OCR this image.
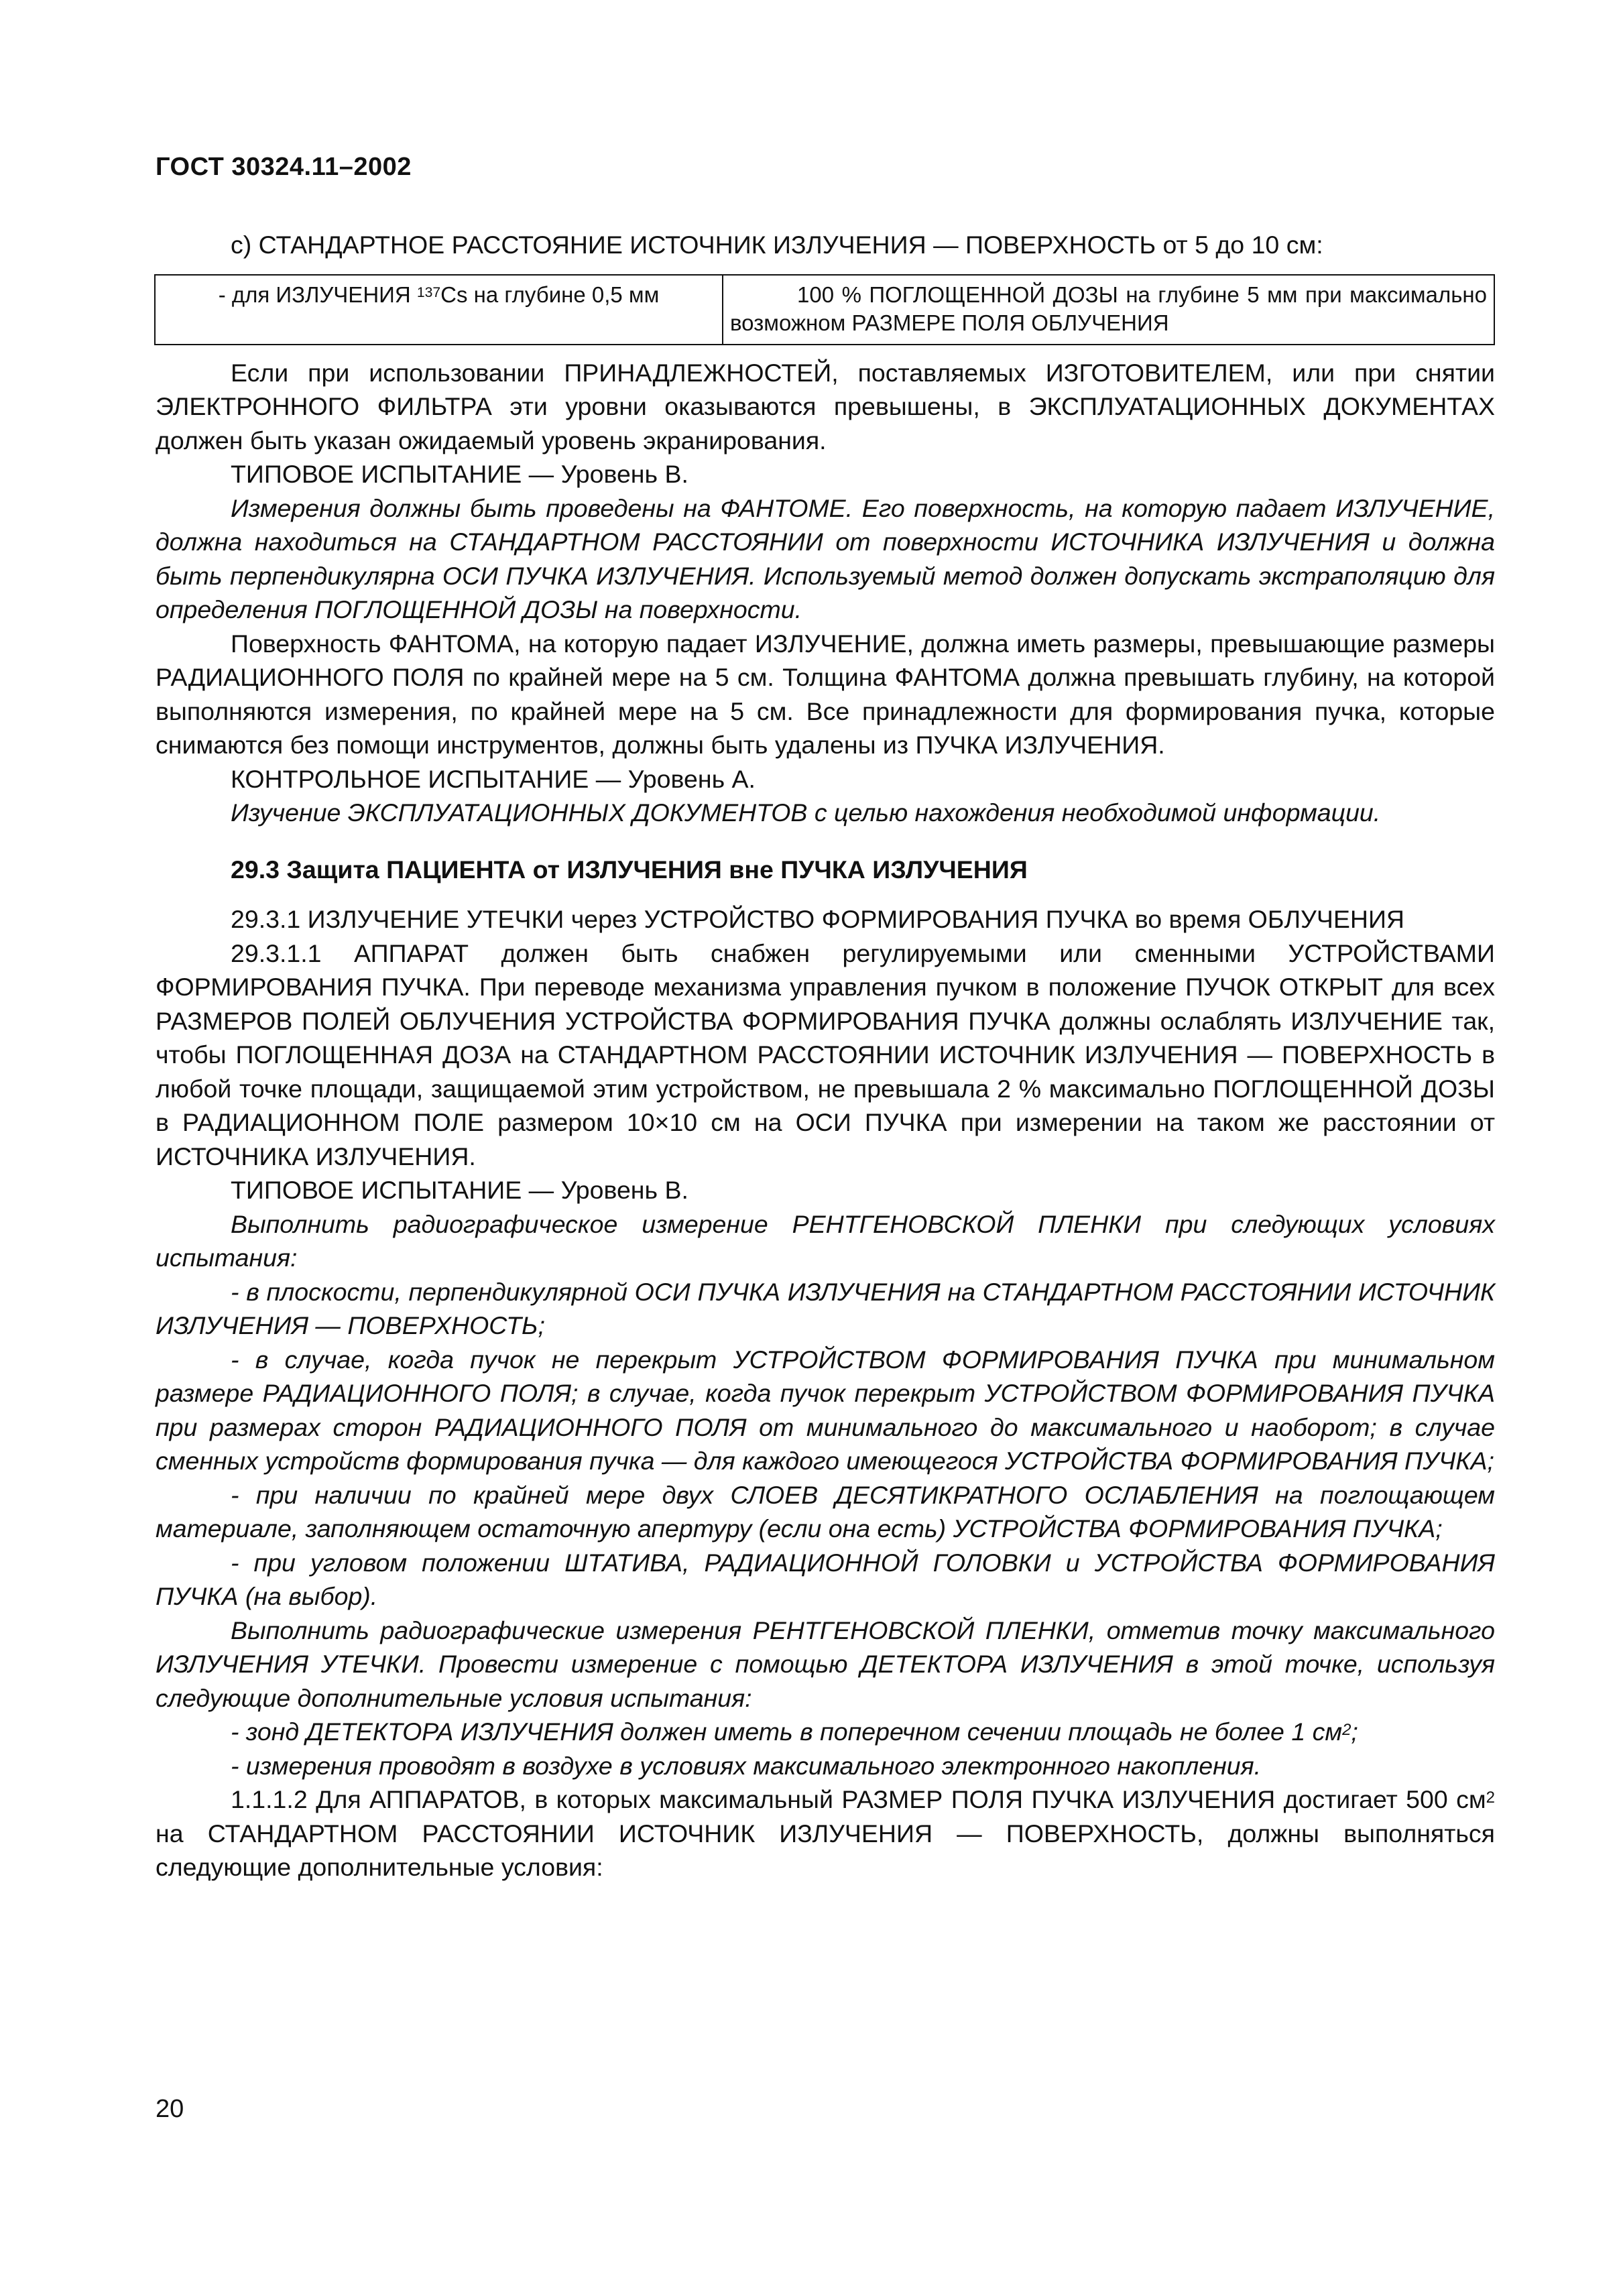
ГОСТ 30324.11–2002

с) СТАНДАРТНОЕ РАССТОЯНИЕ ИСТОЧНИК ИЗЛУЧЕНИЯ — ПОВЕРХНОСТЬ от 5 до 10 см:

- для ИЗЛУЧЕНИЯ $^{137}$Cs на глубине 0,5 мм	100 % ПОГЛОЩЕННОЙ ДОЗЫ на глубине 5 мм при максимально возможном РАЗМЕРЕ ПОЛЯ ОБЛУЧЕНИЯ

Если при использовании ПРИНАДЛЕЖНОСТЕЙ, поставляемых ИЗГОТОВИТЕЛЕМ, или при снятии ЭЛЕКТРОННОГО ФИЛЬТРА эти уровни оказываются превышены, в ЭКСПЛУАТАЦИОННЫХ ДОКУМЕНТАХ должен быть указан ожидаемый уровень экранирования.

ТИПОВОЕ ИСПЫТАНИЕ — Уровень В.

Измерения должны быть проведены на ФАНТОМЕ. Его поверхность, на которую падает ИЗЛУЧЕНИЕ, должна находиться на СТАНДАРТНОМ РАССТОЯНИИ от поверхности ИСТОЧНИКА ИЗЛУЧЕНИЯ и должна быть перпендикулярна ОСИ ПУЧКА ИЗЛУЧЕНИЯ. Используемый метод должен допускать экстраполяцию для определения ПОГЛОЩЕННОЙ ДОЗЫ на поверхности.

Поверхность ФАНТОМА, на которую падает ИЗЛУЧЕНИЕ, должна иметь размеры, превышающие размеры РАДИАЦИОННОГО ПОЛЯ по крайней мере на 5 см. Толщина ФАНТОМА должна превышать глубину, на которой выполняются измерения, по крайней мере на 5 см. Все принадлежности для формирования пучка, которые снимаются без помощи инструментов, должны быть удалены из ПУЧКА ИЗЛУЧЕНИЯ.

КОНТРОЛЬНОЕ ИСПЫТАНИЕ — Уровень А.

Изучение ЭКСПЛУАТАЦИОННЫХ ДОКУМЕНТОВ с целью нахождения необходимой информации.

29.3 Защита ПАЦИЕНТА от ИЗЛУЧЕНИЯ вне ПУЧКА ИЗЛУЧЕНИЯ

29.3.1 ИЗЛУЧЕНИЕ УТЕЧКИ через УСТРОЙСТВО ФОРМИРОВАНИЯ ПУЧКА во время ОБЛУЧЕНИЯ

29.3.1.1 АППАРАТ должен быть снабжен регулируемыми или сменными УСТРОЙСТВАМИ ФОРМИРОВАНИЯ ПУЧКА. При переводе механизма управления пучком в положение ПУЧОК ОТКРЫТ для всех РАЗМЕРОВ ПОЛЕЙ ОБЛУЧЕНИЯ УСТРОЙСТВА ФОРМИРОВАНИЯ ПУЧКА должны ослаблять ИЗЛУЧЕНИЕ так, чтобы ПОГЛОЩЕННАЯ ДОЗА на СТАНДАРТНОМ РАССТОЯНИИ ИСТОЧНИК ИЗЛУЧЕНИЯ — ПОВЕРХНОСТЬ в любой точке площади, защищаемой этим устройством, не превышала 2 % максимально ПОГЛОЩЕННОЙ ДОЗЫ в РАДИАЦИОННОМ ПОЛЕ размером 10×10 см на ОСИ ПУЧКА при измерении на таком же расстоянии от ИСТОЧНИКА ИЗЛУЧЕНИЯ.

ТИПОВОЕ ИСПЫТАНИЕ — Уровень В.

Выполнить радиографическое измерение РЕНТГЕНОВСКОЙ ПЛЕНКИ при следующих условиях испытания:

- в плоскости, перпендикулярной ОСИ ПУЧКА ИЗЛУЧЕНИЯ на СТАНДАРТНОМ РАССТОЯНИИ ИСТОЧНИК ИЗЛУЧЕНИЯ — ПОВЕРХНОСТЬ;

- в случае, когда пучок не перекрыт УСТРОЙСТВОМ ФОРМИРОВАНИЯ ПУЧКА при минимальном размере РАДИАЦИОННОГО ПОЛЯ; в случае, когда пучок перекрыт УСТРОЙСТВОМ ФОРМИРОВАНИЯ ПУЧКА при размерах сторон РАДИАЦИОННОГО ПОЛЯ от минимального до максимального и наоборот; в случае сменных устройств формирования пучка — для каждого имеющегося УСТРОЙСТВА ФОРМИРОВАНИЯ ПУЧКА;

- при наличии по крайней мере двух СЛОЕВ ДЕСЯТИКРАТНОГО ОСЛАБЛЕНИЯ на поглощающем материале, заполняющем остаточную апертуру (если она есть) УСТРОЙСТВА ФОРМИРОВАНИЯ ПУЧКА;

- при угловом положении ШТАТИВА, РАДИАЦИОННОЙ ГОЛОВКИ и УСТРОЙСТВА ФОРМИРОВАНИЯ ПУЧКА (на выбор).

Выполнить радиографические измерения РЕНТГЕНОВСКОЙ ПЛЕНКИ, отметив точку максимального ИЗЛУЧЕНИЯ УТЕЧКИ. Провести измерение с помощью ДЕТЕКТОРА ИЗЛУЧЕНИЯ в этой точке, используя следующие дополнительные условия испытания:

- зонд ДЕТЕКТОРА ИЗЛУЧЕНИЯ должен иметь в поперечном сечении площадь не более 1 $см^2$;

- измерения проводят в воздухе в условиях максимального электронного накопления.

1.1.1.2 Для АППАРАТОВ, в которых максимальный РАЗМЕР ПОЛЯ ПУЧКА ИЗЛУЧЕНИЯ достигает 500 $см^2$ на СТАНДАРТНОМ РАССТОЯНИИ ИСТОЧНИК ИЗЛУЧЕНИЯ — ПОВЕРХНОСТЬ, должны выполняться следующие дополнительные условия:

20
